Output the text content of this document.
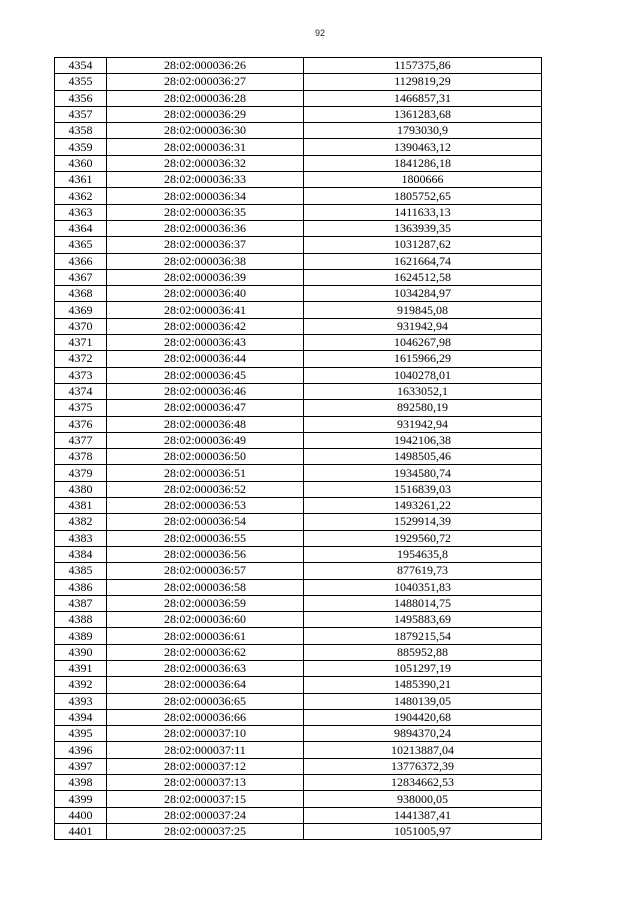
92
4354	28:02:000036:26	1157375,86
4355	28:02:000036:27	1129819,29
4356	28:02:000036:28	1466857,31
4357	28:02:000036:29	1361283,68
4358	28:02:000036:30	1793030,9
4359	28:02:000036:31	1390463,12
4360	28:02:000036:32	1841286,18
4361	28:02:000036:33	1800666
4362	28:02:000036:34	1805752,65
4363	28:02:000036:35	1411633,13
4364	28:02:000036:36	1363939,35
4365	28:02:000036:37	1031287,62
4366	28:02:000036:38	1621664,74
4367	28:02:000036:39	1624512,58
4368	28:02:000036:40	1034284,97
4369	28:02:000036:41	919845,08
4370	28:02:000036:42	931942,94
4371	28:02:000036:43	1046267,98
4372	28:02:000036:44	1615966,29
4373	28:02:000036:45	1040278,01
4374	28:02:000036:46	1633052,1
4375	28:02:000036:47	892580,19
4376	28:02:000036:48	931942,94
4377	28:02:000036:49	1942106,38
4378	28:02:000036:50	1498505,46
4379	28:02:000036:51	1934580,74
4380	28:02:000036:52	1516839,03
4381	28:02:000036:53	1493261,22
4382	28:02:000036:54	1529914,39
4383	28:02:000036:55	1929560,72
4384	28:02:000036:56	1954635,8
4385	28:02:000036:57	877619,73
4386	28:02:000036:58	1040351,83
4387	28:02:000036:59	1488014,75
4388	28:02:000036:60	1495883,69
4389	28:02:000036:61	1879215,54
4390	28:02:000036:62	885952,88
4391	28:02:000036:63	1051297,19
4392	28:02:000036:64	1485390,21
4393	28:02:000036:65	1480139,05
4394	28:02:000036:66	1904420,68
4395	28:02:000037:10	9894370,24
4396	28:02:000037:11	10213887,04
4397	28:02:000037:12	13776372,39
4398	28:02:000037:13	12834662,53
4399	28:02:000037:15	938000,05
4400	28:02:000037:24	1441387,41
4401	28:02:000037:25	1051005,97
